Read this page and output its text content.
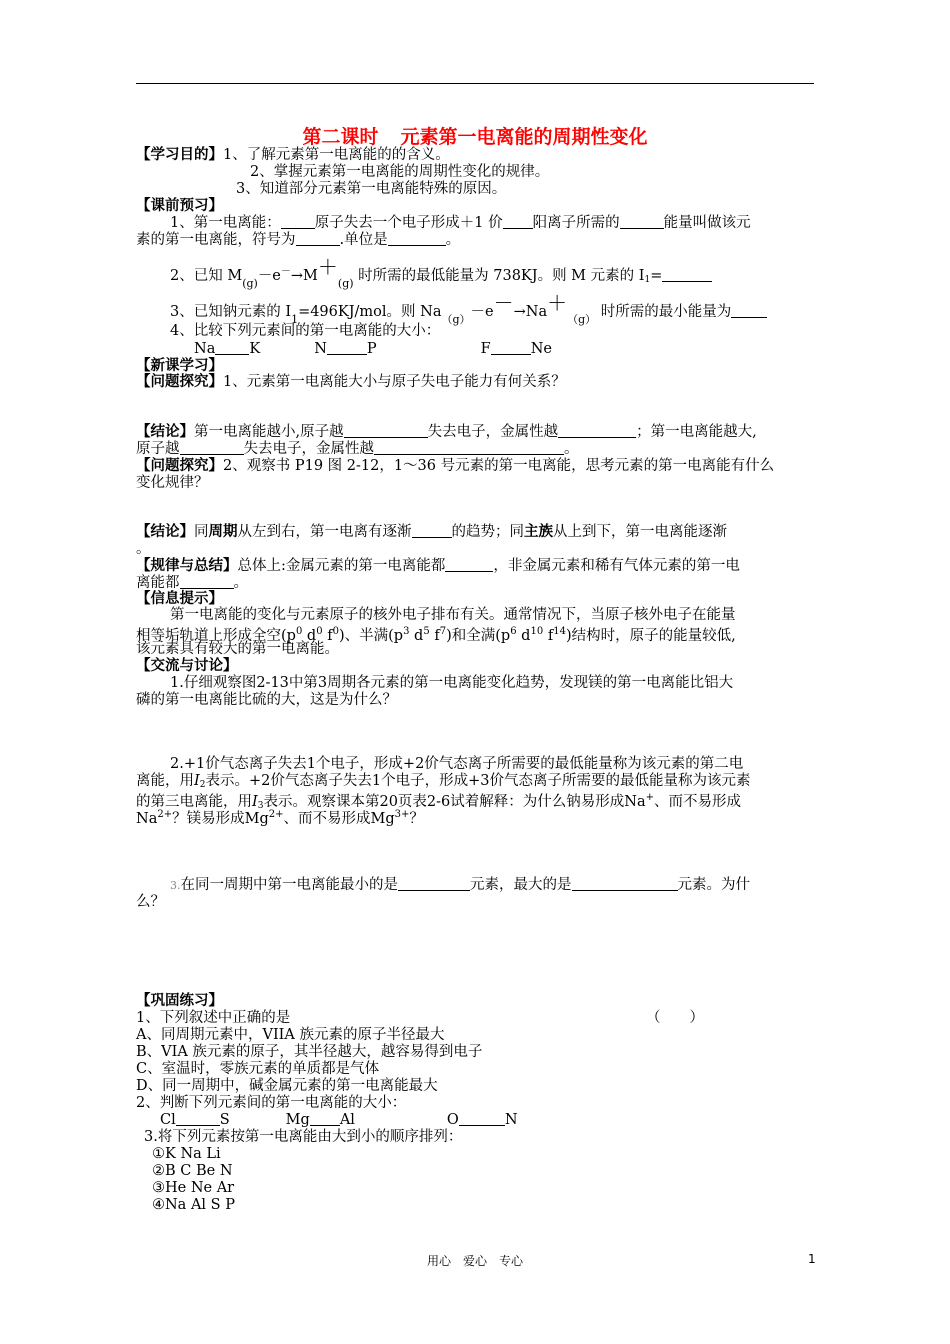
第二课时 元素第一电离能的周期性变化
【学习目的】1、了解元素第一电离能的的含义。
2、掌握元素第一电离能的周期性变化的规律。
3、知道部分元素第一电离能特殊的原因。
【课前预习】
1、第一电离能： 原子失去一个电子形成＋1 价 阳离子所需的	能量叫做该元
素的第一电离能，符号为	.单位是	。
2、已知 $M_{(g)}-e^-\to M+_{(g)}$ 时所需的最低能量为 738KJ。则 M 元素的 $I_1=$
3、已知钠元素的 $I_1=496KJ$/mol。则 $Na_{(g)}-e-\to Na+_{(g)}$ 时所需的最小能量为
4、比较下列元素间的第一电离能的大小：
Na K	N	P	F	Ne
【新课学习】
【问题探究】1、元素第一电离能大小与原子失电子能力有何关系？
【结论】第一电离能越小,原子越	失去电子，金属性越	；第一电离能越大,
原子越	失去电子，金属性越	。
【问题探究】2、观察书 P19 图 2-12，1～36 号元素的第一电离能，思考元素的第一电离能有什么
变化规律？
【结论】同周期从左到右，第一电离有逐渐	的趋势；同主族从上到下，第一电离能逐渐
。
【规律与总结】总体上:金属元素的第一电离能都	，非金属元素和稀有气体元素的第一电
离能都	。
【信息提示】
第一电离能的变化与元素原子的核外电子排布有关。通常情况下，当原子核外电子在能量
相等垢轨道上形成全空($p^0$ $d^0$ $f^0$)、半满($p^3$ $d^5$ $f^7$)和全满($p^6$ $d^{10}$ $f^{14}$)结构时，原子的能量较低,
该元素具有较大的第一电离能。
【交流与讨论】
1.仔细观察图2-13中第3周期各元素的第一电离能变化趋势，发现镁的第一电离能比铝大
磷的第一电离能比硫的大，这是为什么？
2.+1价气态离子失去1个电子，形成+2价气态离子所需要的最低能量称为该元素的第二电
离能，用$I_2$表示。+2价气态离子失去1个电子，形成+3价气态离子所需要的最低能量称为该元素
的第三电离能，用$I_3$表示。观察课本第20页表2-6试着解释：为什么钠易形成Na+、而不易形成
$Na^{2+}$？镁易形成$Mg^{2+}$、而不易形成$Mg^{3+}$？
3.在同一周期中第一电离能最小的是	元素，最大的是	元素。为什
么？
【巩固练习】
1、下列叙述中正确的是	（　　）
A、同周期元素中，VIIA 族元素的原子半径最大
B、VIA 族元素的原子，其半径越大，越容易得到电子
C、室温时，零族元素的单质都是气体
D、同一周期中，碱金属元素的第一电离能最大
2、判断下列元素间的第一电离能的大小：
Cl	S	Mg Al	O	N
3.将下列元素按第一电离能由大到小的顺序排列：
①K Na Li
②B C Be N
③He Ne Ar
④Na Al S P
用心　爱心　专心	1
